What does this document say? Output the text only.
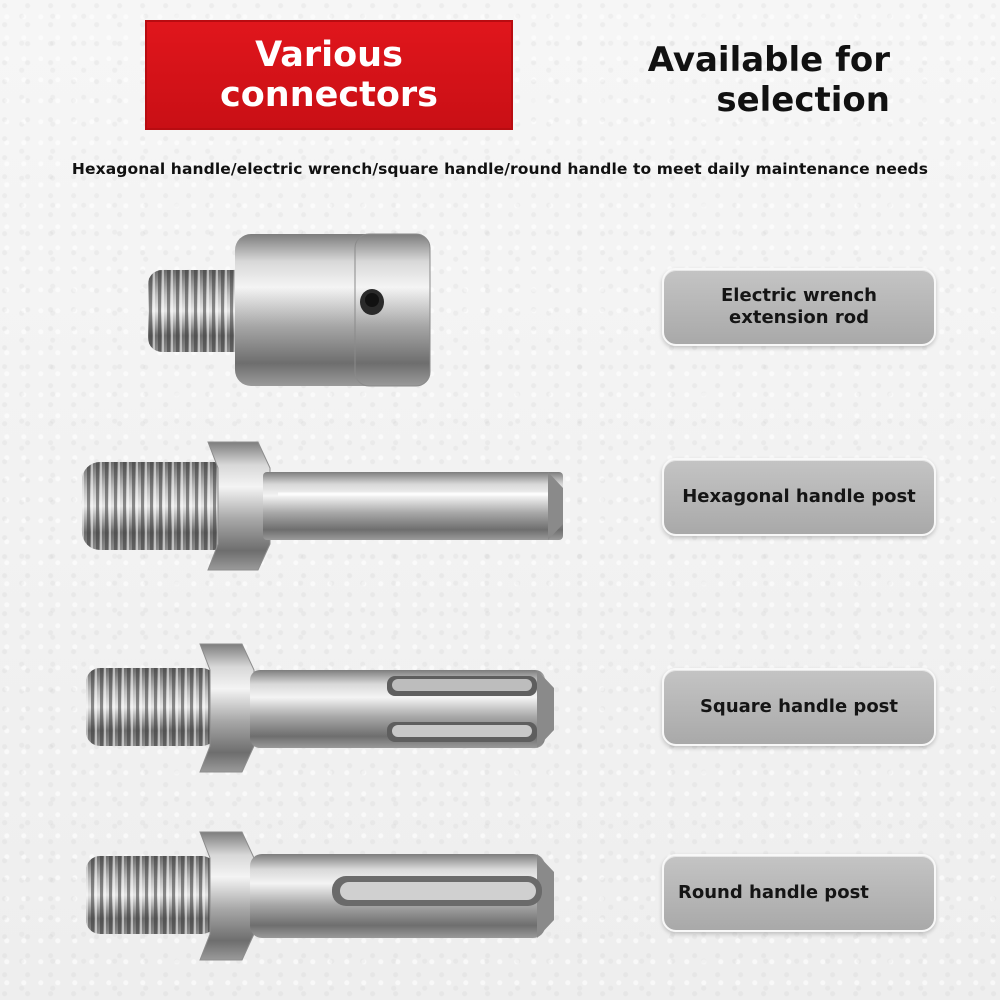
Various
connectors
Available for
selection
Hexagonal handle/electric wrench/square handle/round handle to meet daily maintenance needs
Electric wrench
extension rod
Hexagonal handle post
Square handle post
Round handle post
